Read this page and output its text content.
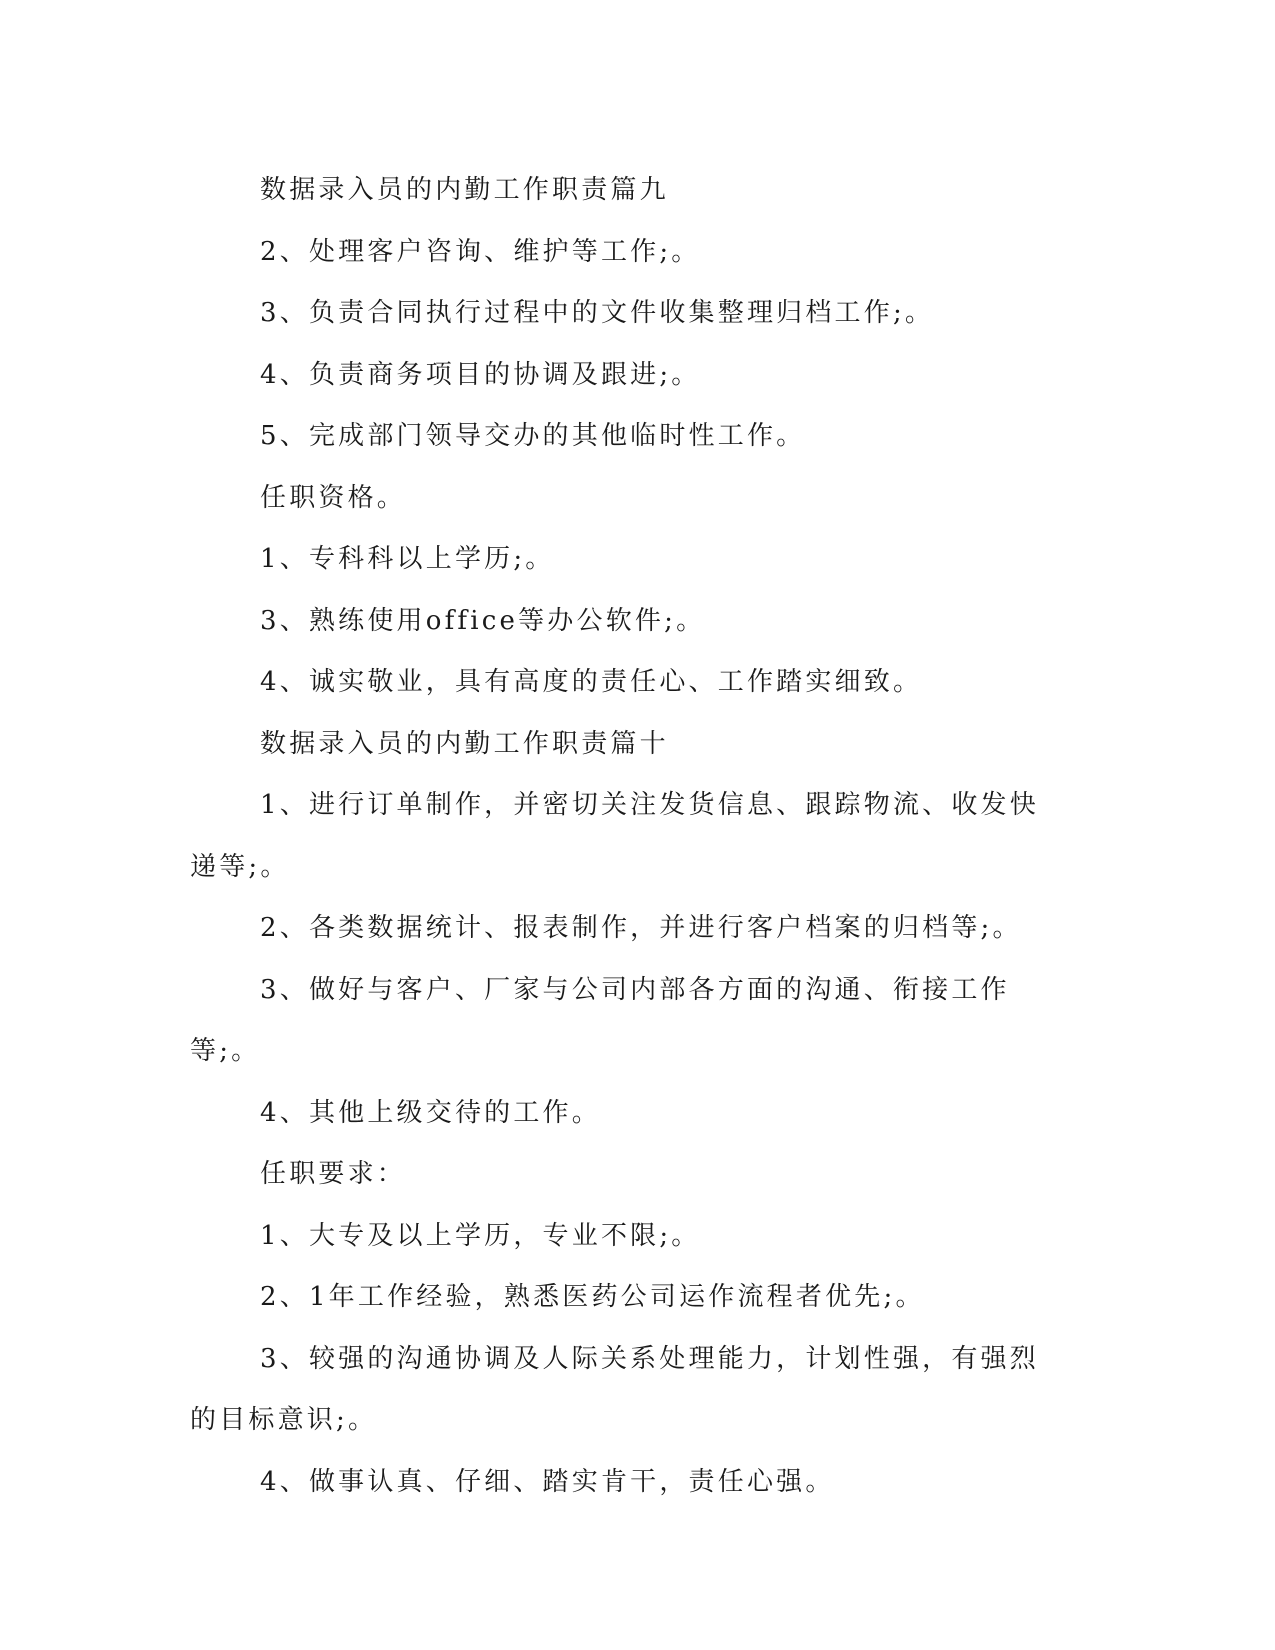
数据录入员的内勤工作职责篇九

2、处理客户咨询、维护等工作;。

3、负责合同执行过程中的文件收集整理归档工作;。

4、负责商务项目的协调及跟进;。

5、完成部门领导交办的其他临时性工作。

任职资格。

1、专科科以上学历;。

3、熟练使用office等办公软件;。

4、诚实敬业，具有高度的责任心、工作踏实细致。

数据录入员的内勤工作职责篇十

1、进行订单制作，并密切关注发货信息、跟踪物流、收发快递等;。

2、各类数据统计、报表制作，并进行客户档案的归档等;。

3、做好与客户、厂家与公司内部各方面的沟通、衔接工作等;。

4、其他上级交待的工作。

任职要求：

1、大专及以上学历，专业不限;。

2、1年工作经验，熟悉医药公司运作流程者优先;。

3、较强的沟通协调及人际关系处理能力，计划性强，有强烈的目标意识;。

4、做事认真、仔细、踏实肯干，责任心强。
